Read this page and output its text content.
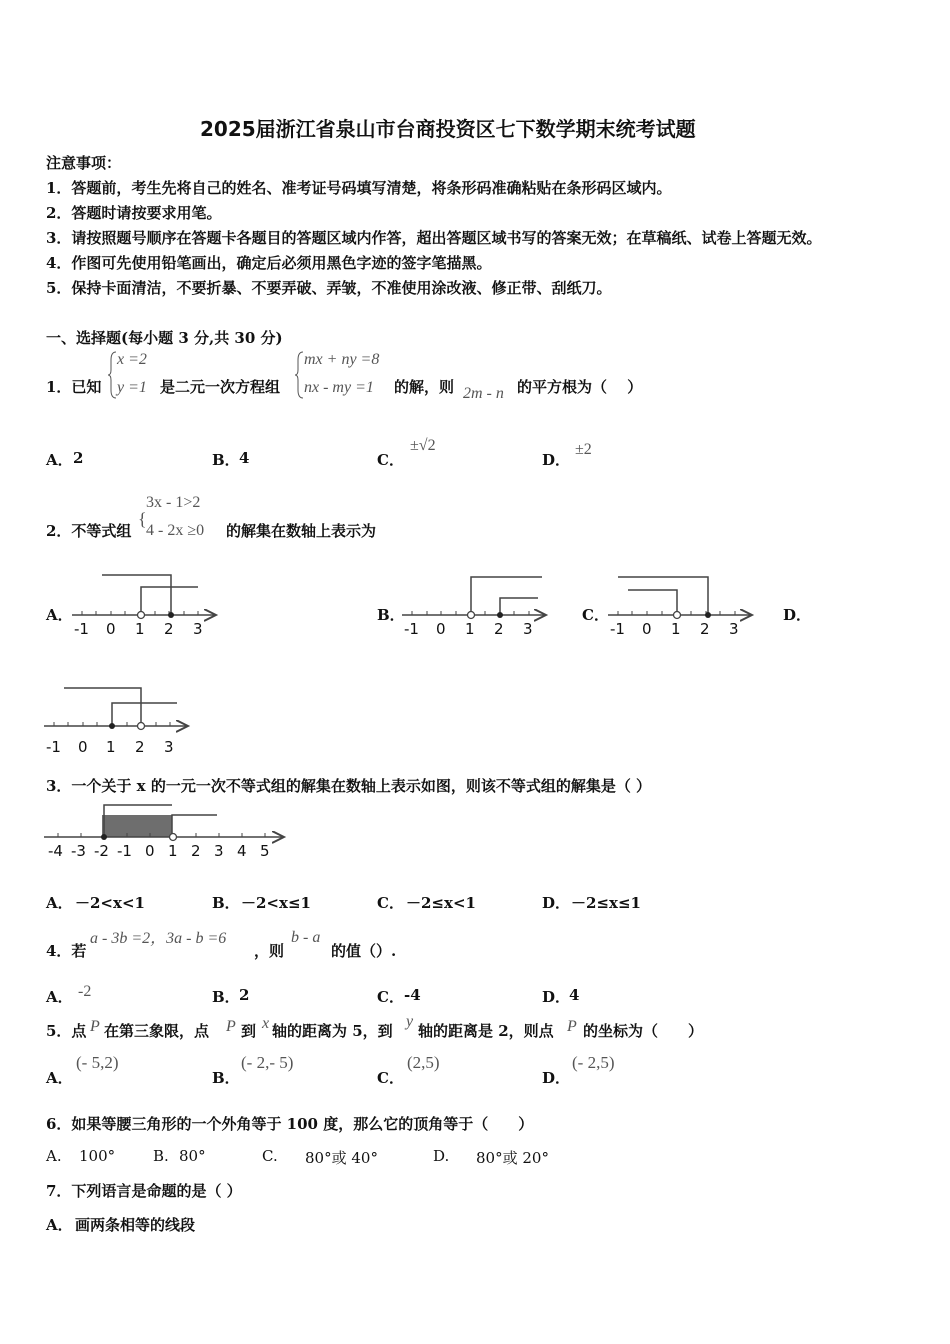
2025届浙江省泉山市台商投资区七下数学期末统考试题
注意事项：
1．答题前，考生先将自己的姓名、准考证号码填写清楚，将条形码准确粘贴在条形码区域内。
2．答题时请按要求用笔。
3．请按照题号顺序在答题卡各题目的答题区域内作答，超出答题区域书写的答案无效；在草稿纸、试卷上答题无效。
4．作图可先使用铅笔画出，确定后必须用黑色字迹的签字笔描黑。
5．保持卡面清洁，不要折暴、不要弄破、弄皱，不准使用涂改液、修正带、刮纸刀。
一、选择题(每小题 3 分,共 30 分)
1．已知
x =2
y =1 是二元一次方程组
mx + ny =8
nx - my =1 的解，则 2m - n 的平方根为（　 ）
A． 2	B． 4	C．
±√2
D．
±2
2．不等式组
{
3x - 1>2
4 - 2x ≥0 的解集在数轴上表示为
A．	B．	C．	D．
-1 0 1 2 3	-1 0 1 2 3	-1 0 1 2 3
-1 0 1 2 3
-4 -3 -2 -1 0 1 2 3 4 5
3．一个关于 x 的一元一次不等式组的解集在数轴上表示如图，则该不等式组的解集是（ ）
A． －2<x<1	B． －2<x≤1	C． －2≤x<1	D． －2≤x≤1
4．若
a - 3b =2，3a - b =6
，则
b - a
的值（）.
A． -2	B． 2	C． -4	D．
4
5．点 P 在第三象限，点 P 到 x 轴的距离为 5，到
y
轴的距离是 2，则点 P 的坐标为（　　）
A．
(- 5,2)
B．
(- 2,- 5)
C．
(2,5)
D．
(- 2,5)
6．如果等腰三角形的一个外角等于 100 度，那么它的顶角等于（　　）
A. 100°	B. 80°	C. 80°或 40°	D. 80°或 20°
7．下列语言是命题的是（ ）
A． 画两条相等的线段
